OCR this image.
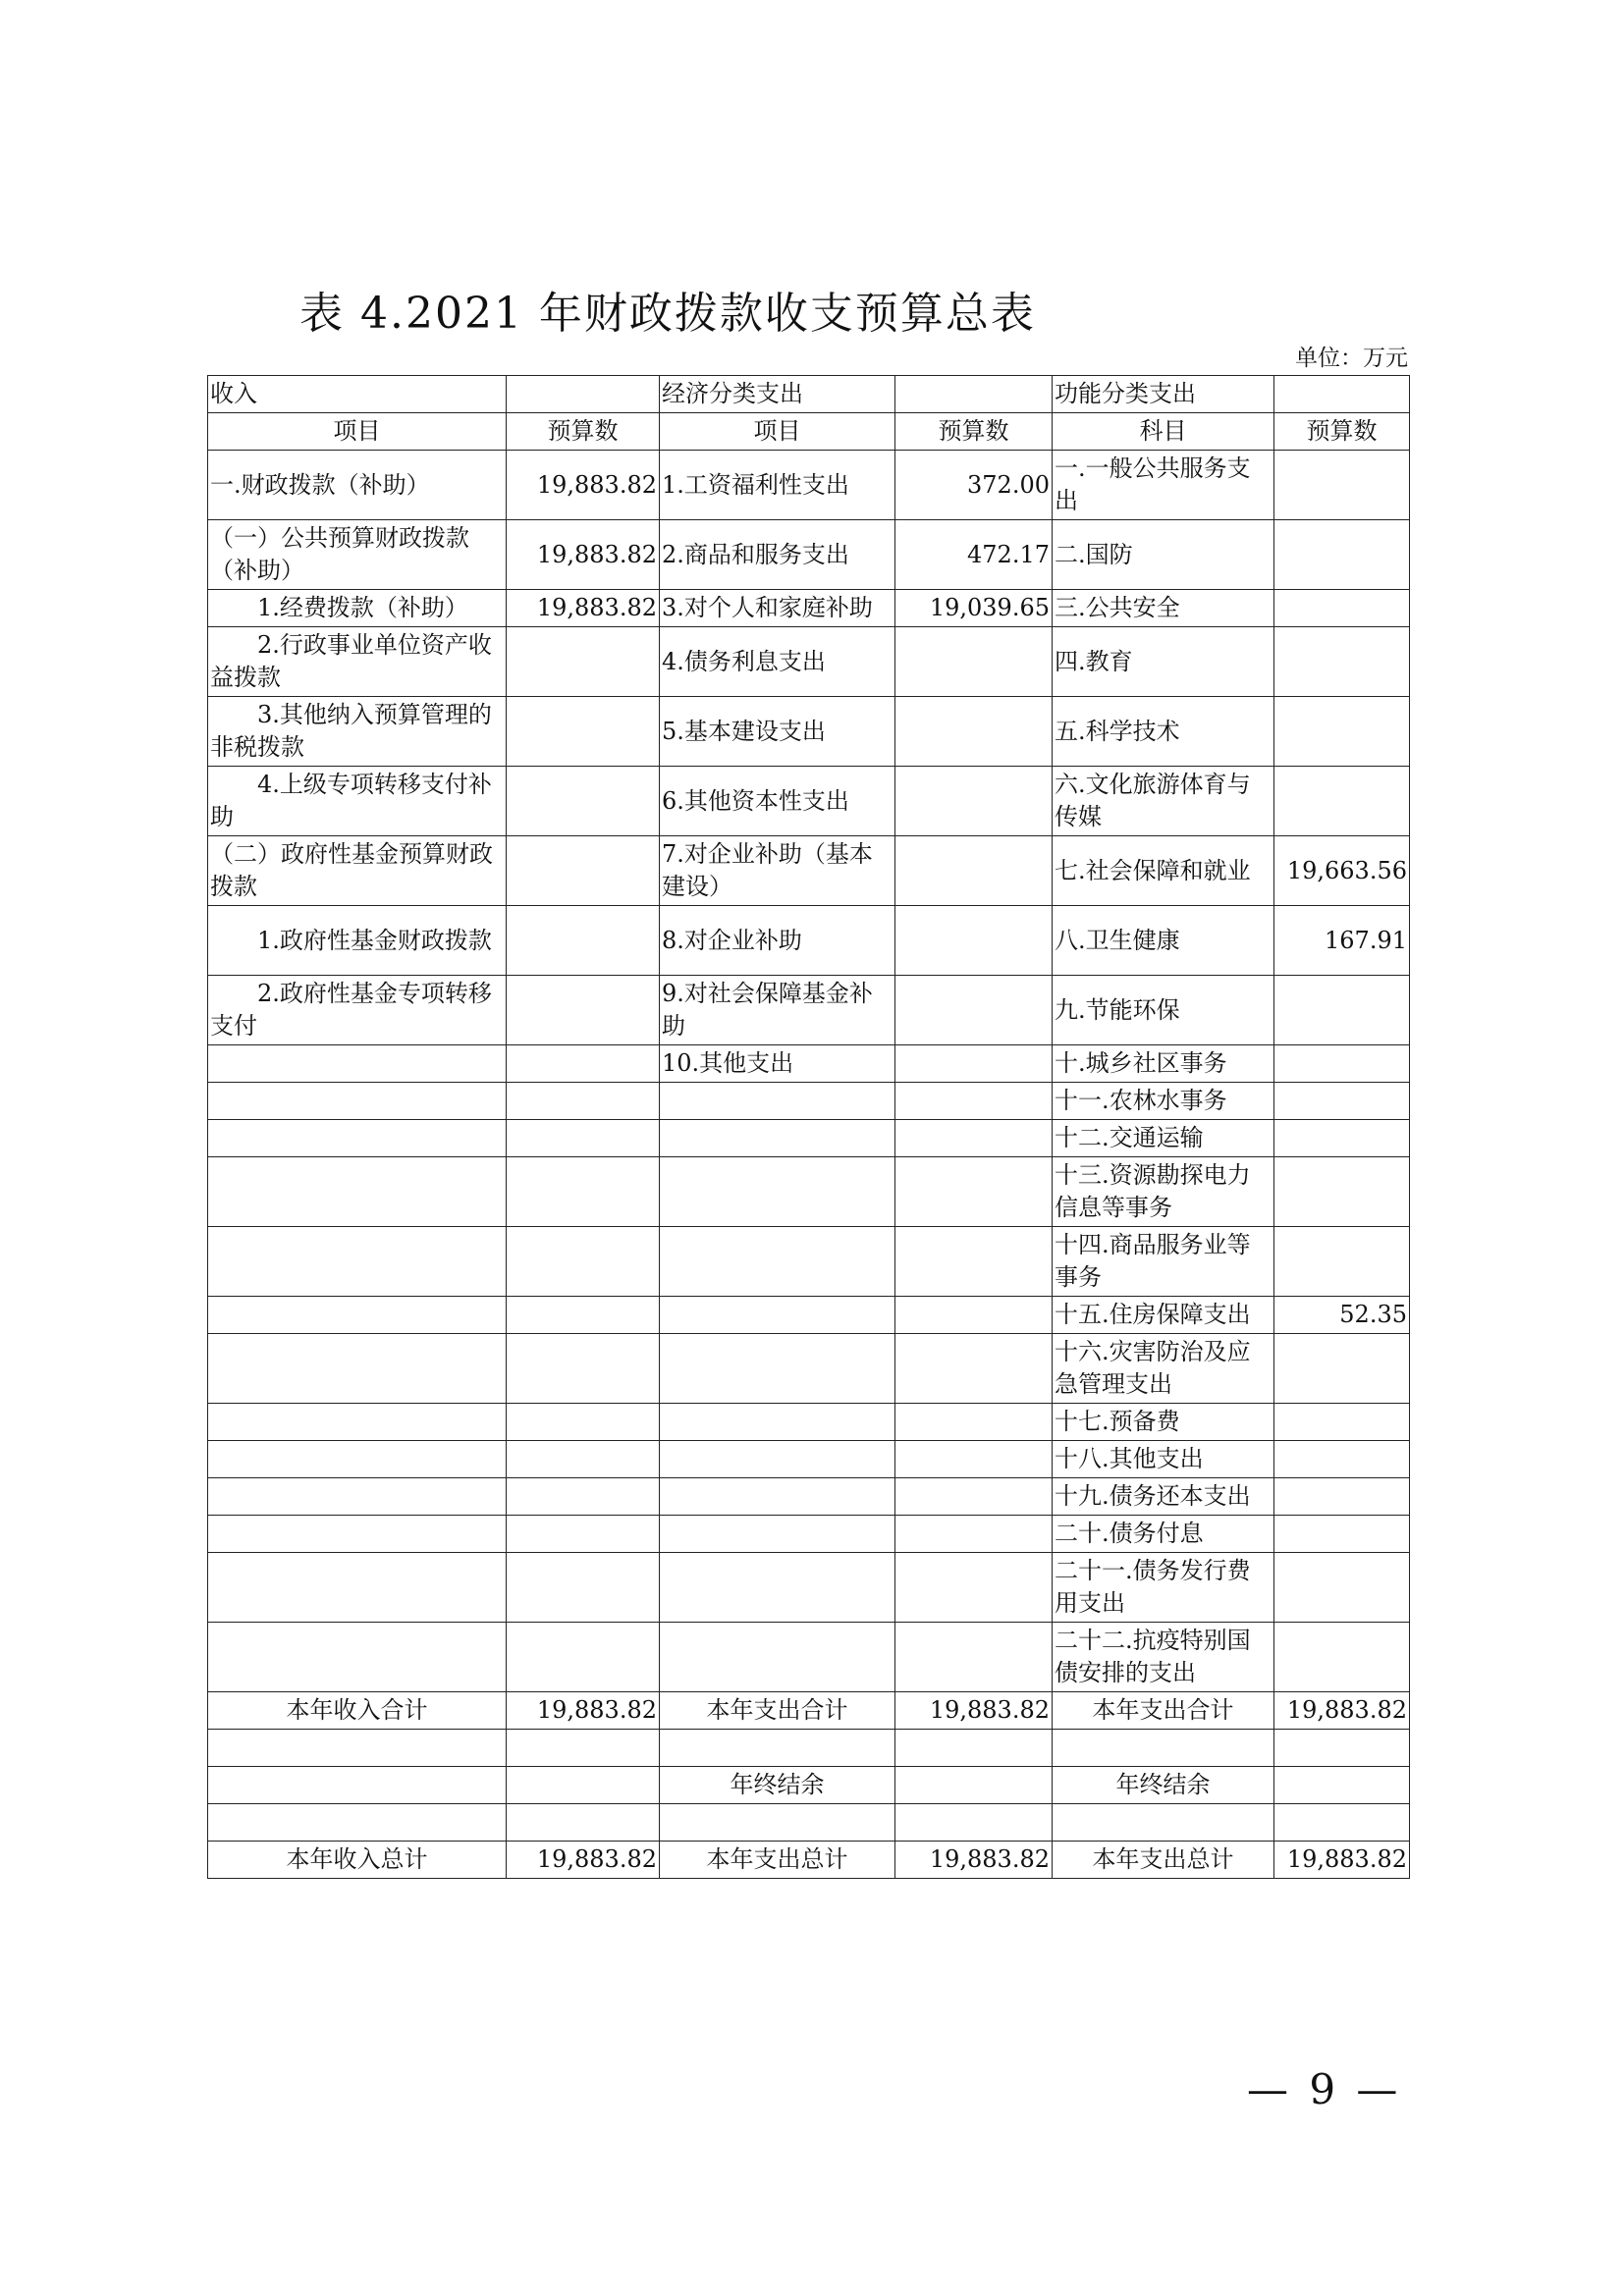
表 4.2021 年财政拨款收支预算总表
单位：万元
收入		经济分类支出		功能分类支出	
项目	预算数	项目	预算数	科目	预算数
一.财政拨款（补助）	19,883.82	1.工资福利性支出	372.00	一.一般公共服务支出	
（一）公共预算财政拨款（补助）	19,883.82	2.商品和服务支出	472.17	二.国防	
1.经费拨款（补助）	19,883.82	3.对个人和家庭补助	19,039.65	三.公共安全	
2.行政事业单位资产收益拨款		4.债务利息支出		四.教育	
3.其他纳入预算管理的非税拨款		5.基本建设支出		五.科学技术	
4.上级专项转移支付补助		6.其他资本性支出		六.文化旅游体育与传媒	
（二）政府性基金预算财政拨款		7.对企业补助（基本建设）		七.社会保障和就业	19,663.56
1.政府性基金财政拨款		8.对企业补助		八.卫生健康	167.91
2.政府性基金专项转移支付		9.对社会保障基金补助		九.节能环保	
		10.其他支出		十.城乡社区事务	
				十一.农林水事务	
				十二.交通运输	
				十三.资源勘探电力信息等事务	
				十四.商品服务业等事务	
				十五.住房保障支出	52.35
				十六.灾害防治及应急管理支出	
				十七.预备费	
				十八.其他支出	
				十九.债务还本支出	
				二十.债务付息	
				二十一.债务发行费用支出	
				二十二.抗疫特别国债安排的支出	
本年收入合计	19,883.82	本年支出合计	19,883.82	本年支出合计	19,883.82

		年终结余		年终结余	

本年收入总计	19,883.82	本年支出总计	19,883.82	本年支出总计	19,883.82
— 9 —
